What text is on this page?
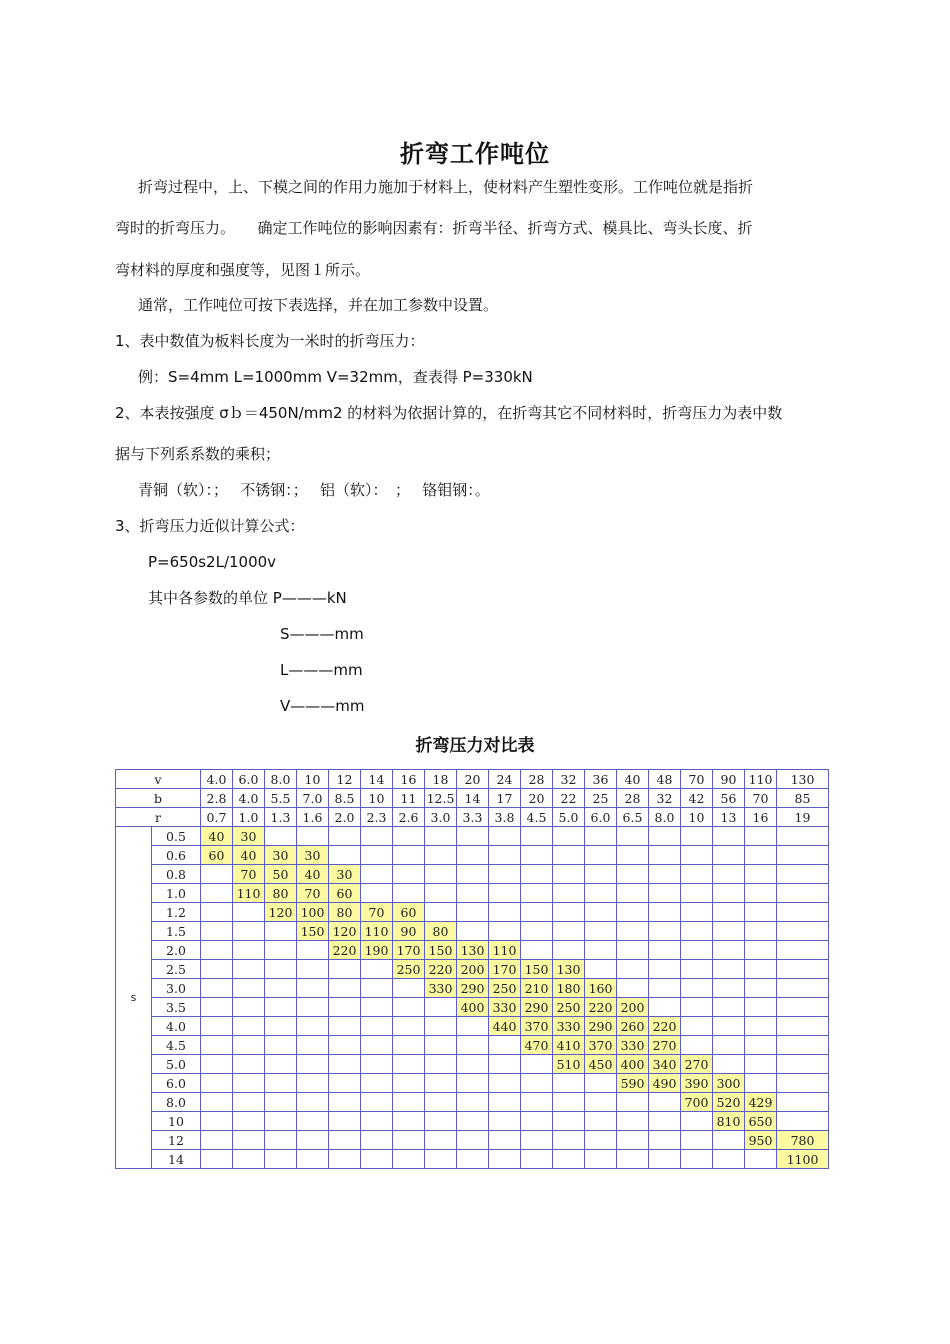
折弯工作吨位
折弯过程中，上、下模之间的作用力施加于材料上，使材料产生塑性变形。工作吨位就是指折
弯时的折弯压力。　　确定工作吨位的影响因素有：折弯半径、折弯方式、模具比、弯头长度、折
弯材料的厚度和强度等，见图１所示。
通常，工作吨位可按下表选择，并在加工参数中设置。
1、表中数值为板料长度为一米时的折弯压力：
例：S=4mm L=1000mm V=32mm，查表得 P=330kN
2、本表按强度 σｂ＝450N/mm2 的材料为依据计算的，在折弯其它不同材料时，折弯压力为表中数
据与下列系系数的乘积；
青铜（软）：；　 不锈钢：；　 铝（软）：　；　 铬钼钢：。
3、折弯压力近似计算公式：
P=650s2L/1000v
其中各参数的单位 P———kN
S———mm
L———mm
V———mm
折弯压力对比表
v		4.0	6.0	8.0	10	12	14	16	18	20	24	28	32	36	40	48	70	90	110	130
b		2.8	4.0	5.5	7.0	8.5	10	11	12.5	14	17	20	22	25	28	32	42	56	70	85
r		0.7	1.0	1.3	1.6	2.0	2.3	2.6	3.0	3.3	3.8	4.5	5.0	6.0	6.5	8.0	10	13	16	19
s	0.5	40	30																	
	0.6	60	40	30	30															
	0.8		70	50	40	30														
	1.0		110	80	70	60														
	1.2			120	100	80	70	60												
	1.5				150	120	110	90	80											
	2.0					220	190	170	150	130	110									
	2.5							250	220	200	170	150	130							
	3.0								330	290	250	210	180	160						
	3.5									400	330	290	250	220	200					
	4.0										440	370	330	290	260	220				
	4.5											470	410	370	330	270				
	5.0												510	450	400	340	270			
	6.0														590	490	390	300		
	8.0																700	520	429	
	10																	810	650	
	12																		950	780
	14																			1100
